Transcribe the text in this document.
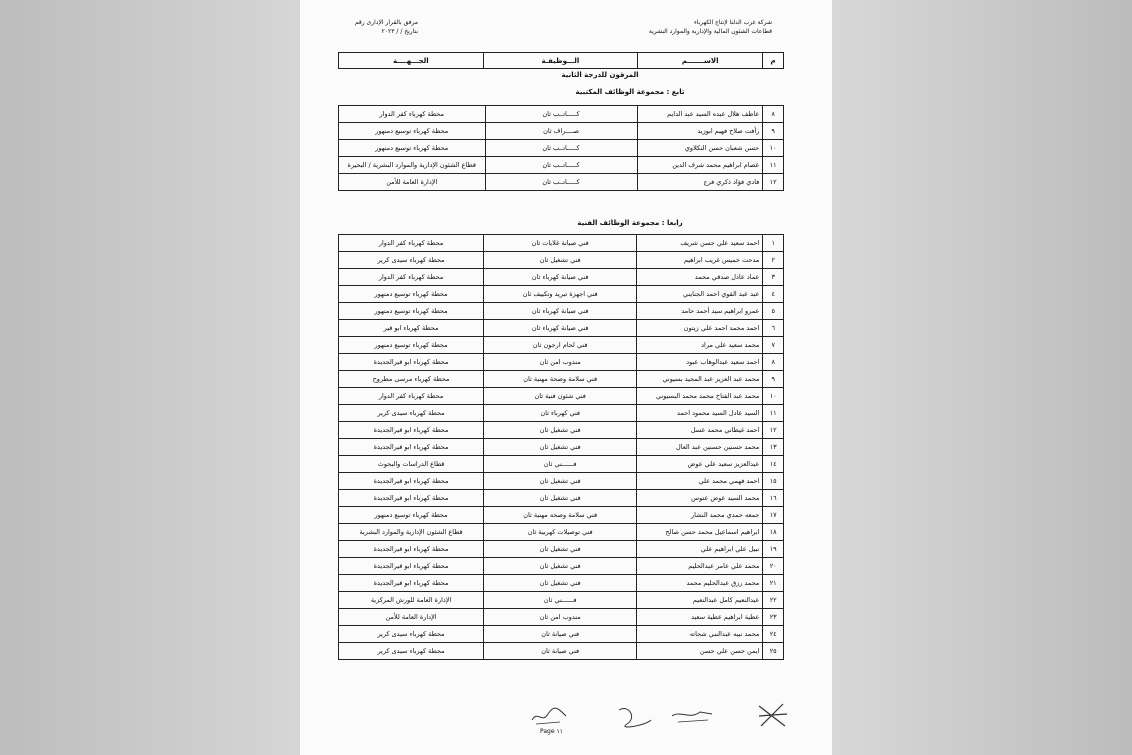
شركة غرب الدلتا لإنتاج الكهرباء
قطاعات الشئون المالية والإدارية والموارد البشرية
مرفق بالقرار الإدارى رقم
بتاريخ / / ٢٠٢٣
م	الاســـــــم	الـــوظيفـة	الجـــهــــة
المرقون للدرجة الثانية
تابع : مجموعة الوظائف المكتبية
٨	عاطف هلال عبده السيد عبد الدايم	كـــــاتــب ثان	محطة كهرباء كفر الدوار
٩	رأفت صلاح فهيم ابوزيد	صــــراف ثان	محطة كهرباء توسيع دمنهور
١٠	حسن شعبان حسن النكلاوي	كـــــاتــب ثان	محطة كهرباء توسيع دمنهور
١١	عصام ابراهيم محمد شرف الدين	كـــــاتــب ثان	قطاع الشئون الإدارية والموارد البشرية / البحيرة
١٢	فادي فؤاد ذكري فرج	كـــــاتــب ثان	الإدارة العامة للأمن
رابعا : مجموعة الوظائف الفنية
١	احمد سعيد علي حسن شريف	فني صيانة غلايات ثان	محطة كهرباء كفر الدوار
٢	مدحت خميس غريب ابراهيم	فني تشغيل ثان	محطة كهرباء سيدى كرير
٣	عماد عادل صدقي محمد	فني صيانة كهرباء ثان	محطة كهرباء كفر الدوار
٤	عبد عبد القوي احمد الجنايني	فني اجهزة تبريد وتكييف ثان	محطة كهرباء توسيع دمنهور
٥	عمرو ابراهيم سيد أحمد حامد	فني صيانة كهرباء ثان	محطة كهرباء توسيع دمنهور
٦	احمد محمد احمد علي زيتون	فني صيانة كهرباء ثان	محطة كهرباء ابو قير
٧	محمد سعيد علي مراد	فني لحام ارجون ثان	محطة كهرباء توسيع دمنهور
٨	احمد سعيد عبدالوهاب عبود	مندوب امن ثان	محطة كهرباء ابو قيرالجديدة
٩	محمد عبد العزيز عبد المجيد بسيوني	فني سلامة وصحة مهنية ثان	محطة كهرباء مرسى مطروح
١٠	محمد عبد الفتاح محمد محمد البسيوني	فني شئون فنية ثان	محطة كهرباء كفر الدوار
١١	السيد عادل السيد محمود احمد	فني كهرباء ثان	محطة كهرباء سيدى كرير
١٢	احمد غيطاني محمد عسل	فني تشغيل ثان	محطة كهرباء ابو قيرالجديدة
١٣	محمد حسنين حسنين عبد العال	فني تشغيل ثان	محطة كهرباء ابو قيرالجديدة
١٤	عبدالعزيز سعيد علي عوض	فــــــني ثان	قطاع الدراسات والبحوث
١٥	احمد فهمي محمد علي	فني تشغيل ثان	محطة كهرباء ابو قيرالجديدة
١٦	محمد السيد عوض عتوس	فني تشغيل ثان	محطة كهرباء ابو قيرالجديدة
١٧	جمعه حمدي محمد النشار	فني سلامة وصحه مهنية ثان	محطة كهرباء توسيع دمنهور
١٨	ابراهيم اسماعيل محمد حسن صالح	فني توصيلات كهربية ثان	قطاع الشئون الإدارية والموارد البشرية
١٩	نبيل علي ابراهيم علي	فني تشغيل ثان	محطة كهرباء ابو قيرالجديدة
٢٠	محمد علي عامر عبدالحليم	فني تشغيل ثان	محطة كهرباء ابو قيرالجديدة
٢١	محمد رزق عبدالحليم محمد	فني تشغيل ثان	محطة كهرباء ابو قيرالجديدة
٢٢	عبدالنعيم كامل عبدالنعيم	فــــــني ثان	الإدارة العامة للورش المركزية
٢٣	عطية ابراهيم عطية سعيد	مندوب امن ثان	الإدارة العامة للأمن
٢٤	محمد نبيه عبدالنبي شحاته	فني صيانة ثان	محطة كهرباء سيدى كرير
٢٥	ايمن حسن علي حسن	فني صيانة ثان	محطة كهرباء سيدى كرير
Page ١١
